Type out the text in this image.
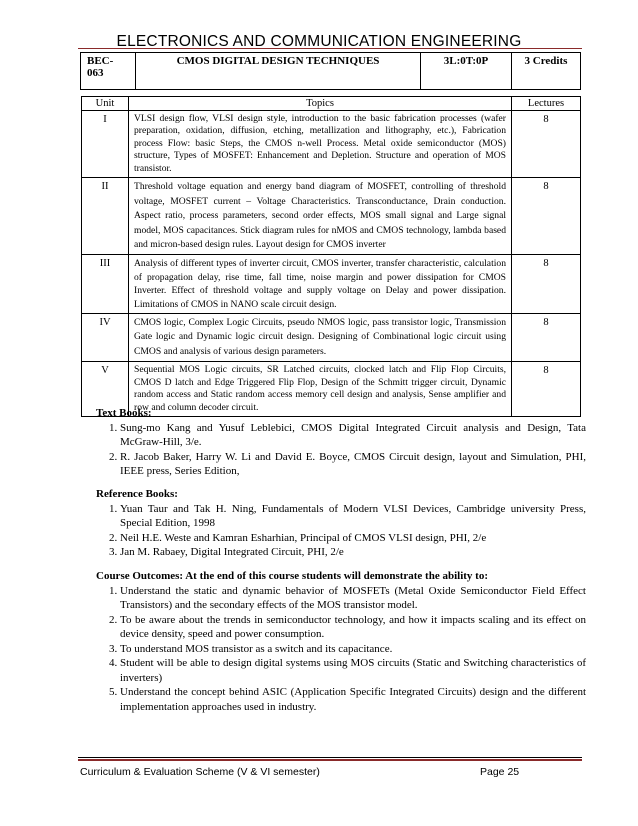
ELECTRONICS AND COMMUNICATION ENGINEERING
BEC-063	CMOS DIGITAL DESIGN TECHNIQUES	3L:0T:0P	3 Credits
Unit	Topics	Lectures
I	VLSI design flow, VLSI design style, introduction to the basic fabrication processes (wafer preparation, oxidation, diffusion, etching, metallization and lithography, etc.), Fabrication process Flow: basic Steps, the CMOS n-well Process. Metal oxide semiconductor (MOS) structure, Types of MOSFET: Enhancement and Depletion. Structure and operation of MOS transistor.	8
II	Threshold voltage equation and energy band diagram of MOSFET, controlling of threshold voltage, MOSFET current – Voltage Characteristics. Transconductance, Drain conduction. Aspect ratio, process parameters, second order effects, MOS small signal and Large signal model, MOS capacitances. Stick diagram rules for nMOS and CMOS technology, lambda based and micron-based design rules. Layout design for CMOS inverter	8
III	Analysis of different types of inverter circuit, CMOS inverter, transfer characteristic, calculation of propagation delay, rise time, fall time, noise margin and power dissipation for CMOS Inverter. Effect of threshold voltage and supply voltage on Delay and power dissipation. Limitations of CMOS in NANO scale circuit design.	8
IV	CMOS logic, Complex Logic Circuits, pseudo NMOS logic, pass transistor logic, Transmission Gate logic and Dynamic logic circuit design. Designing of Combinational logic circuit using CMOS and analysis of various design parameters.	8
V	Sequential MOS Logic circuits, SR Latched circuits, clocked latch and Flip Flop Circuits, CMOS D latch and Edge Triggered Flip Flop, Design of the Schmitt trigger circuit, Dynamic random access and Static random access memory cell design and analysis, Sense amplifier and row and column decoder circuit.	8
Text Books:
1. Sung-mo Kang and Yusuf Leblebici, CMOS Digital Integrated Circuit analysis and Design, Tata McGraw-Hill, 3/e.
2. R. Jacob Baker, Harry W. Li and David E. Boyce, CMOS Circuit design, layout and Simulation, PHI, IEEE press, Series Edition,
Reference Books:
1. Yuan Taur and Tak H. Ning, Fundamentals of Modern VLSI Devices, Cambridge university Press, Special Edition, 1998
2. Neil H.E. Weste and Kamran Esharhian, Principal of CMOS VLSI design, PHI, 2/e
3. Jan M. Rabaey, Digital Integrated Circuit, PHI, 2/e
Course Outcomes: At the end of this course students will demonstrate the ability to:
1. Understand the static and dynamic behavior of MOSFETs (Metal Oxide Semiconductor Field Effect Transistors) and the secondary effects of the MOS transistor model.
2. To be aware about the trends in semiconductor technology, and how it impacts scaling and its effect on device density, speed and power consumption.
3. To understand MOS transistor as a switch and its capacitance.
4. Student will be able to design digital systems using MOS circuits (Static and Switching characteristics of inverters)
5. Understand the concept behind ASIC (Application Specific Integrated Circuits) design and the different implementation approaches used in industry.
Curriculum & Evaluation Scheme (V & VI semester)	Page 25
